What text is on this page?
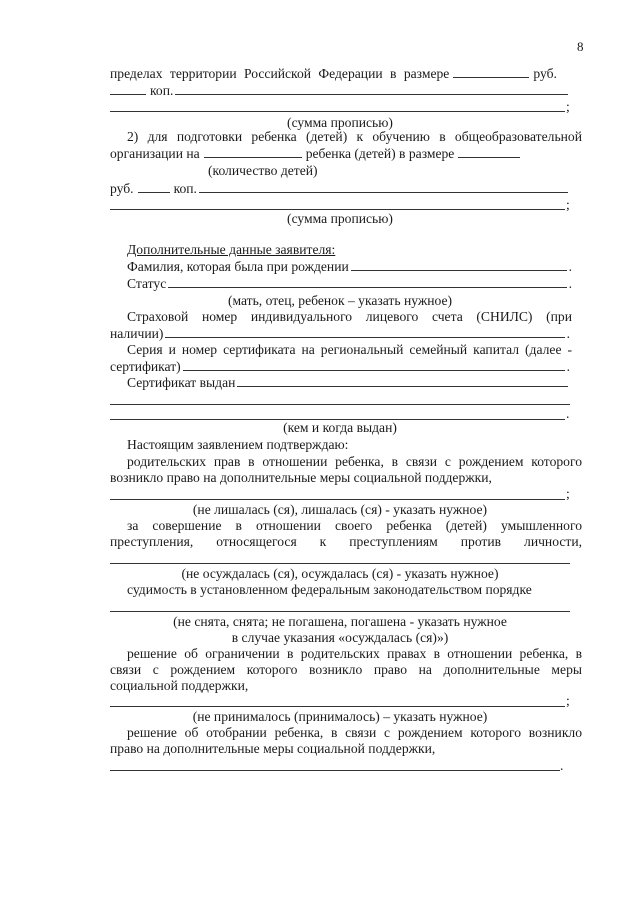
8
пределах территории Российской Федерации в размере	руб.
коп.
;
(сумма прописью)
2) для подготовки ребенка (детей) к обучению в общеобразовательной
организации на	ребенка (детей) в размере
(количество детей)
руб.	коп.
;
(сумма прописью)
Дополнительные данные заявителя:
Фамилия, которая была при рождении	.
Статус	.
(мать, отец, ребенок – указать нужное)
Страховой номер индивидуального лицевого счета (СНИЛС) (при
наличии)	.
Серия и номер сертификата на региональный семейный капитал (далее -
сертификат)	.
Сертификат выдан
.
(кем и когда выдан)
Настоящим заявлением подтверждаю:
родительских прав в отношении ребенка, в связи с рождением которого
возникло право на дополнительные меры социальной поддержки,
;
(не лишалась (ся), лишалась (ся) - указать нужное)
за совершение в отношении своего ребенка (детей) умышленного
преступления, относящегося к преступлениям против личности,
(не осуждалась (ся), осуждалась (ся) - указать нужное)
судимость в установленном федеральным законодательством порядке
(не снята, снята; не погашена, погашена - указать нужное
в случае указания «осуждалась (ся)»)
решение об ограничении в родительских правах в отношении ребенка, в
связи с рождением которого возникло право на дополнительные меры
социальной поддержки,
;
(не принималось (принималось) – указать нужное)
решение об отобрании ребенка, в связи с рождением которого возникло
право на дополнительные меры социальной поддержки,
.
